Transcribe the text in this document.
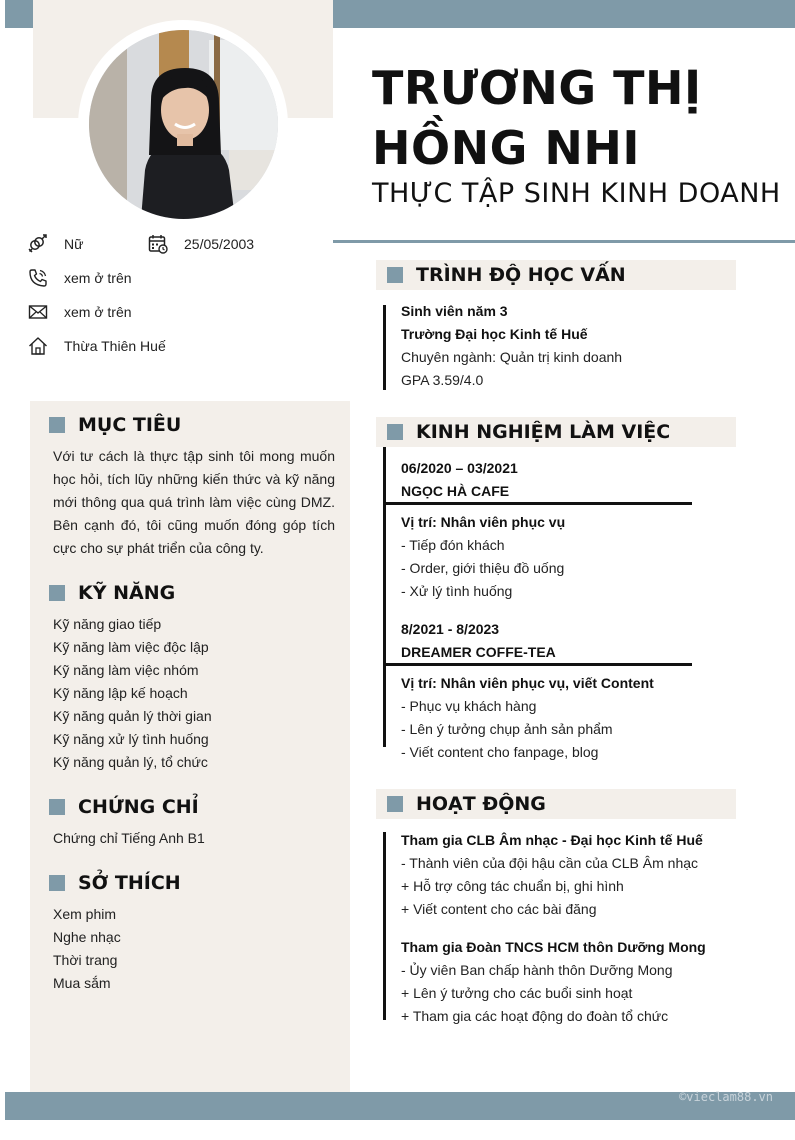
©vieclam88.vn
TRƯƠNG THỊ
HỒNG NHI
THỰC TẬP SINH KINH DOANH
Nữ	25/05/2003
xem ở trên
xem ở trên
Thừa Thiên Huế
MỤC TIÊU
Với tư cách là thực tập sinh tôi mong muốn học hỏi, tích lũy những kiến thức và kỹ năng mới thông qua quá trình làm việc cùng DMZ. Bên cạnh đó, tôi cũng muốn đóng góp tích cực cho sự phát triển của công ty.
KỸ NĂNG
Kỹ năng giao tiếp
Kỹ năng làm việc độc lập
Kỹ năng làm việc nhóm
Kỹ năng lập kế hoạch
Kỹ năng quản lý thời gian
Kỹ năng xử lý tình huống
Kỹ năng quản lý, tổ chức
CHỨNG CHỈ
Chứng chỉ Tiếng Anh B1
SỞ THÍCH
Xem phim
Nghe nhạc
Thời trang
Mua sắm
TRÌNH ĐỘ HỌC VẤN
Sinh viên năm 3
Trường Đại học Kinh tế Huế
Chuyên ngành: Quản trị kinh doanh
GPA 3.59/4.0
KINH NGHIỆM LÀM VIỆC
06/2020 – 03/2021
NGỌC HÀ CAFE
Vị trí: Nhân viên phục vụ
- Tiếp đón khách
- Order, giới thiệu đồ uống
- Xử lý tình huống
8/2021 - 8/2023
DREAMER COFFE-TEA
Vị trí: Nhân viên phục vụ, viết Content
- Phục vụ khách hàng
- Lên ý tưởng chụp ảnh sản phẩm
- Viết content cho fanpage, blog
HOẠT ĐỘNG
Tham gia CLB Âm nhạc - Đại học Kinh tế Huế
- Thành viên của đội hậu cần của CLB Âm nhạc
+ Hỗ trợ công tác chuẩn bị, ghi hình
+ Viết content cho các bài đăng
Tham gia Đoàn TNCS HCM thôn Dưỡng Mong
- Ủy viên Ban chấp hành thôn Dưỡng Mong
+ Lên ý tưởng cho các buổi sinh hoạt
+ Tham gia các hoạt động do đoàn tổ chức
